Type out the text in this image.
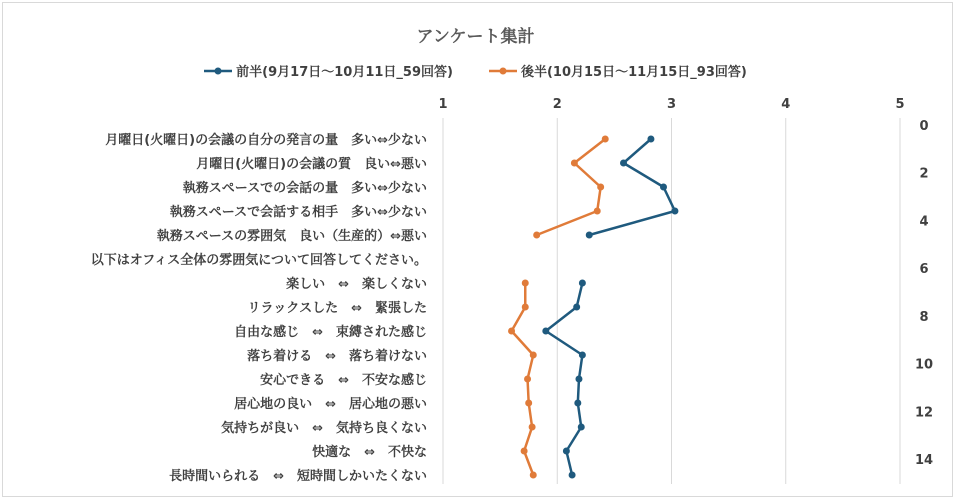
アンケート集計
前半(9月17日～10月11日_59回答)	後半(10月15日～11月15日_93回答)
1	2	3	4	5
0
2
4
6
8
10
12
14
月曜日(火曜日)の会議の自分の発言の量　多い⇔少ない
月曜日(火曜日)の会議の質　良い⇔悪い
執務スペースでの会話の量　多い⇔少ない
執務スペースで会話する相手　多い⇔少ない
執務スペースの雰囲気　良い（生産的）⇔悪い
以下はオフィス全体の雰囲気について回答してください。
楽しい　⇔　楽しくない
リラックスした　⇔　緊張した
自由な感じ　⇔　束縛された感じ
落ち着ける　⇔　落ち着けない
安心できる　⇔　不安な感じ
居心地の良い　⇔　居心地の悪い
気持ちが良い　⇔　気持ち良くない
快適な　⇔　不快な
長時間いられる　⇔　短時間しかいたくない
